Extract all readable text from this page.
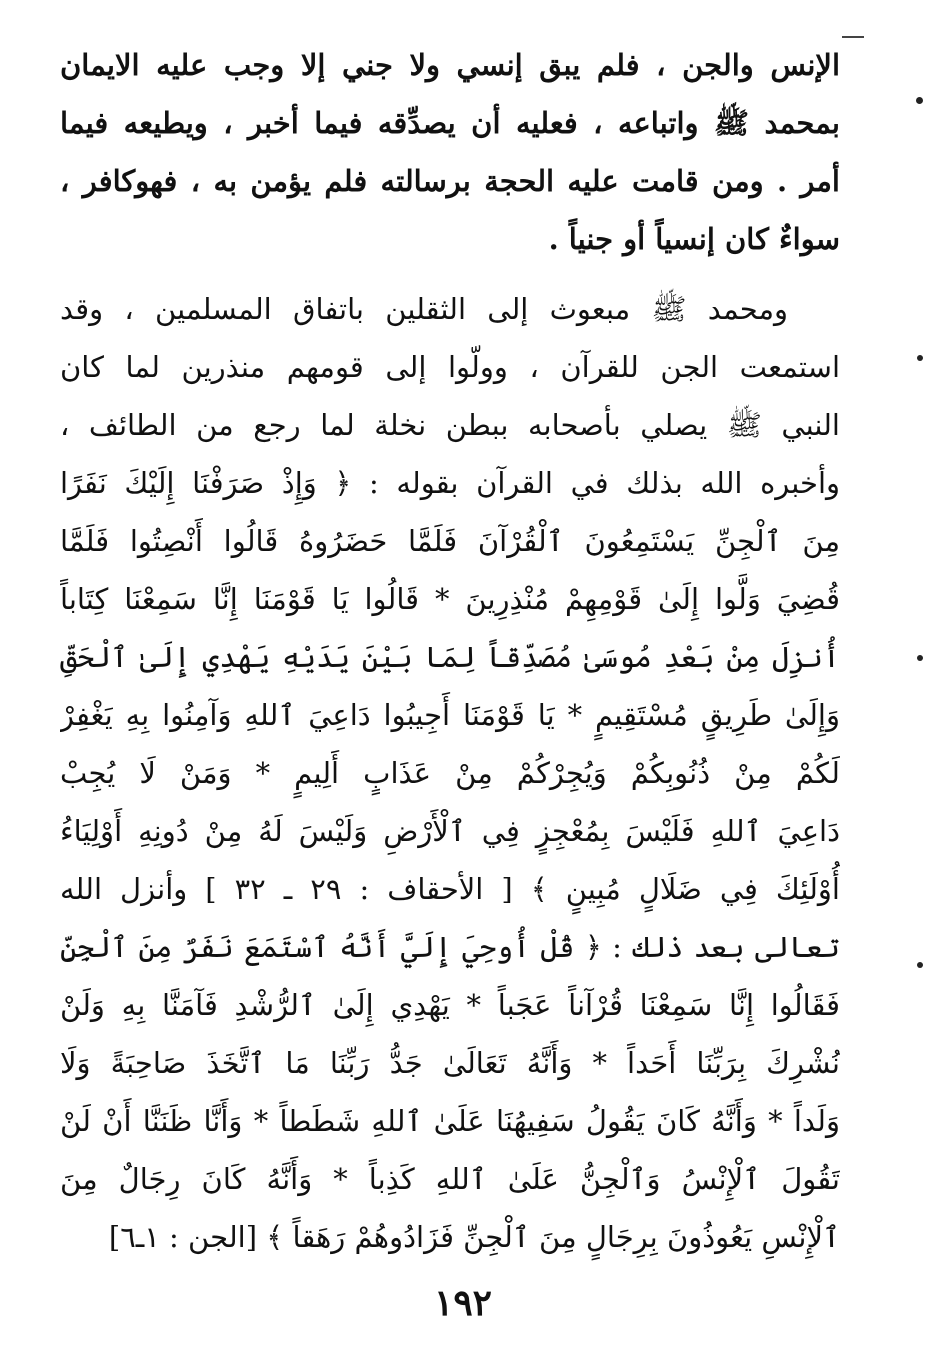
الإنس والجن ، فلم يبق إنسي ولا جني إلا وجب عليه الايمان
بمحمد ﷺ واتباعه ، فعليه أن يصدِّقه فيما أخبر ، ويطيعه فيما
أمر . ومن قامت عليه الحجة برسالته فلم يؤمن به ، فهوكافر ،
سواءٌ كان إنسياً أو جنياً .
ومحمد ﷺ مبعوث إلى الثقلين باتفاق المسلمين ، وقد
استمعت الجن للقرآن ، وولّوا إلى قومهم منذرين لما كان
النبي ﷺ يصلي بأصحابه ببطن نخلة لما رجع من الطائف ،
وأخبره الله بذلك في القرآن بقوله : ﴿ وَإِذْ صَرَفْنَا إِلَيْكَ نَفَرًا
مِنَ ٱلْجِنِّ يَسْتَمِعُونَ ٱلْقُرْآنَ فَلَمَّا حَضَرُوهُ قَالُوا أَنْصِتُوا فَلَمَّا
قُضِيَ وَلَّوا إِلَىٰ قَوْمِهِمْ مُنْذِرِينَ * قَالُوا يَا قَوْمَنَا إِنَّا سَمِعْنَا كِتَاباً
أُنزِلَ مِنْ بَعْدِ مُوسَىٰ مُصَدِّقاً لِمَا بَيْنَ يَدَيْهِ يَهْدِي إِلَىٰ ٱلْحَقِّ
وَإِلَىٰ طَرِيقٍ مُسْتَقِيمٍ * يَا قَوْمَنَا أَجِيبُوا دَاعِيَ ٱللهِ وَآمِنُوا بِهِ يَغْفِرْ
لَكُمْ مِنْ ذُنُوبِكُمْ وَيُجِرْكُمْ مِنْ عَذَابٍ أَلِيمٍ * وَمَنْ لَا يُجِبْ
دَاعِيَ ٱللهِ فَلَيْسَ بِمُعْجِزٍ فِي ٱلْأَرْضِ وَلَيْسَ لَهُ مِنْ دُونِهِ أَوْلِيَاءُ
أُوْلَئِكَ فِي ضَلَالٍ مُبِينٍ ﴾ [ الأحقاف : ٢٩ ـ ٣٢ ] وأنزل الله
تعالى بعد ذلك : ﴿ قُلْ أُوحِيَ إِلَيَّ أَنَّهُ ٱسْتَمَعَ نَفَرٌ مِنَ ٱلْجِنِّ
فَقَالُوا إِنَّا سَمِعْنَا قُرْآناً عَجَباً * يَهْدِي إِلَىٰ ٱلرُّشْدِ فَآمَنَّا بِهِ وَلَنْ
نُشْرِكَ بِرَبِّنَا أَحَداً * وَأَنَّهُ تَعَالَىٰ جَدُّ رَبِّنَا مَا ٱتَّخَذَ صَاحِبَةً وَلَا
وَلَداً * وَأَنَّهُ كَانَ يَقُولُ سَفِيهُنَا عَلَىٰ ٱللهِ شَطَطاً * وَأَنَّا ظَنَنَّا أَنْ لَنْ
تَقُولَ ٱلْإِنْسُ وَٱلْجِنُّ عَلَىٰ ٱللهِ كَذِباً * وَأَنَّهُ كَانَ رِجَالٌ مِنَ
ٱلْإِنْسِ يَعُوذُونَ بِرِجَالٍ مِنَ ٱلْجِنِّ فَزَادُوهُمْ رَهَقاً ﴾ [الجن : ١ـ٦]
١٩٢
